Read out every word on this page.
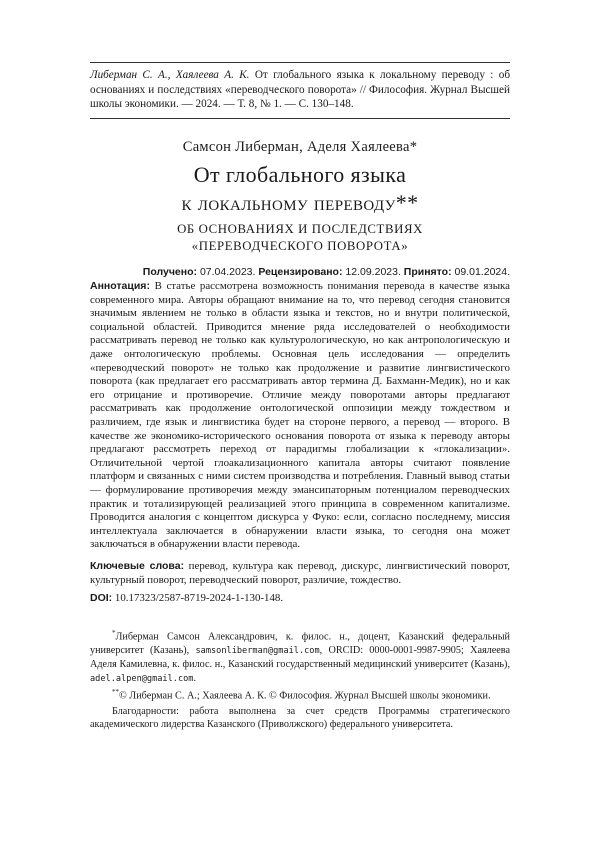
Либерман С. А., Хаялеева А. К. От глобального языка к локальному переводу : об основаниях и последствиях «переводческого поворота» // Философия. Журнал Высшей школы экономики. — 2024. — Т. 8, № 1. — С. 130–148.
Самсон Либерман, Аделя Хаялеева*
От глобального языка
к локальному переводу**
ОБ ОСНОВАНИЯХ И ПОСЛЕДСТВИЯХ
«ПЕРЕВОДЧЕСКОГО ПОВОРОТА»
Получено: 07.04.2023. Рецензировано: 12.09.2023. Принято: 09.01.2024.
Аннотация: В статье рассмотрена возможность понимания перевода в качестве языка современного мира. Авторы обращают внимание на то, что перевод сегодня становится значимым явлением не только в области языка и текстов, но и внутри политической, социальной областей. Приводится мнение ряда исследователей о необходимости рассматривать перевод не только как культурологическую, но как антропологическую и даже онтологическую проблемы. Основная цель исследования — определить «переводческий поворот» не только как продолжение и развитие лингвистического поворота (как предлагает его рассматривать автор термина Д. Бахманн-Медик), но и как его отрицание и противоречие. Отличие между поворотами авторы предлагают рассматривать как продолжение онтологической оппозиции между тождеством и различием, где язык и лингвистика будет на стороне первого, а перевод — второго. В качестве же экономико-исторического основания поворота от языка к переводу авторы предлагают рассмотреть переход от парадигмы глобализации к «глокализации». Отличительной чертой глоакализационного капитала авторы считают появление платформ и связанных с ними систем производства и потребления. Главный вывод статьи — формулирование противоречия между эмансипаторным потенциалом переводческих практик и тотализирующей реализацией этого принципа в современном капитализме. Проводится аналогия с концептом дискурса у Фуко: если, согласно последнему, миссия интеллектуала заключается в обнаружении власти языка, то сегодня она может заключаться в обнаружении власти перевода.
Ключевые слова: перевод, культура как перевод, дискурс, лингвистический поворот, культурный поворот, переводческий поворот, различие, тождество.
DOI: 10.17323/2587-8719-2024-1-130-148.

*Либерман Самсон Александрович, к. филос. н., доцент, Казанский федеральный университет (Казань), samsonliberman@gmail.com, ORCID: 0000-0001-9987-9905; Хаялеева Аделя Камилевна, к. филос. н., Казанский государственный медицинский университет (Казань), adel.alpen@gmail.com.

**© Либерман С. А.; Хаялеева А. К. © Философия. Журнал Высшей школы экономики.

Благодарности: работа выполнена за счет средств Программы стратегического академического лидерства Казанского (Приволжского) федерального университета.
